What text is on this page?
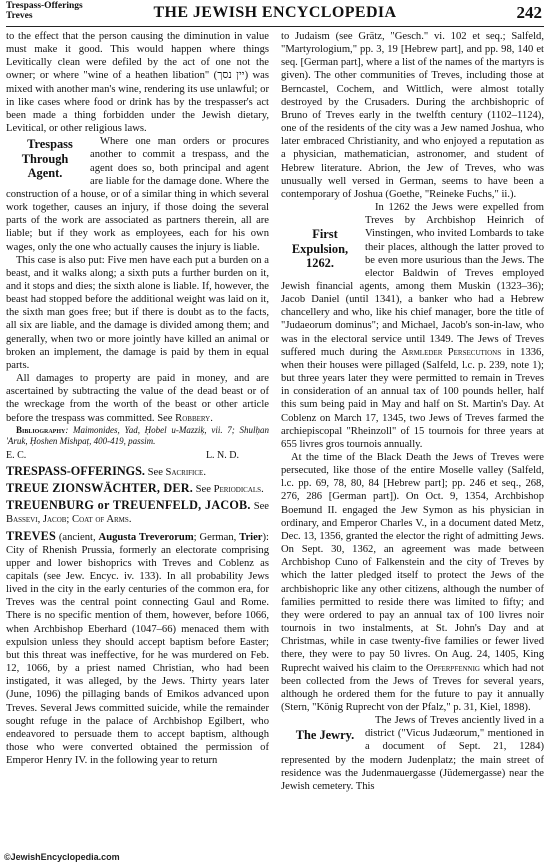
Trespass-Offerings
Treves	THE JEWISH ENCYCLOPEDIA	242

to the effect that the person causing the diminution in value must make it good. This would happen where things Levitically clean were defiled by the act of one not the owner; or where "wine of a heathen libation" (יין נסך) was mixed with another man's wine, rendering its use unlawful; or in like cases where food or drink has by the trespasser's act been made a thing forbidden under the Jewish dietary, Levitical, or other religious laws.

Trespass Through Agent.
Where one man orders or procures another to commit a trespass, and the agent does so, both principal and agent are liable for the damage done. Where the construction of a house, or of a similar thing in which several work together, causes an injury, if those doing the several parts of the work are associated as partners therein, all are liable; but if they work as employees, each for his own wages, only the one who actually causes the injury is liable.

This case is also put: Five men have each put a burden on a beast, and it walks along; a sixth puts a further burden on it, and it stops and dies; the sixth alone is liable. If, however, the beast had stopped before the additional weight was laid on it, the sixth man goes free; but if there is doubt as to the facts, all six are liable, and the damage is divided among them; and generally, when two or more jointly have killed an animal or broken an implement, the damage is paid by them in equal parts.

All damages to property are paid in money, and are ascertained by subtracting the value of the dead beast or of the wreckage from the worth of the beast or other article before the trespass was committed. See Robbery.

Bibliography: Maimonides, Yad, Ḥobel u-Mazziḳ, vii. 7; Shulḥan 'Aruk, Ḥoshen Mishpaṭ, 400-419, passim.

E. C.	L. N. D.

TRESPASS-OFFERINGS. See Sacrifice.

TREUE ZIONSWÄCHTER, DER. See Periodicals.

TREUENBURG or TREUENFELD, JACOB. See Bassevi, Jacob; Coat of Arms.

TREVES (ancient, Augusta Treverorum; German, Trier): City of Rhenish Prussia, formerly an electorate comprising upper and lower bishoprics with Treves and Coblenz as capitals (see Jew. Encyc. iv. 133). In all probability Jews lived in the city in the early centuries of the common era, for Treves was the central point connecting Gaul and Rome. There is no specific mention of them, however, before 1066, when Archbishop Eberhard (1047–66) menaced them with expulsion unless they should accept baptism before Easter; but this threat was ineffective, for he was murdered on Feb. 12, 1066, by a priest named Christian, who had been instigated, it was alleged, by the Jews. Thirty years later (June, 1096) the pillaging bands of Emikos advanced upon Treves. Several Jews committed suicide, while the remainder sought refuge in the palace of Archbishop Egilbert, who endeavored to persuade them to accept baptism, although those who were converted obtained the permission of Emperor Henry IV. in the following year to return

to Judaism (see Grätz, "Gesch." vi. 102 et seq.; Salfeld, "Martyrologium," pp. 3, 19 [Hebrew part], and pp. 98, 140 et seq. [German part], where a list of the names of the martyrs is given). The other communities of Treves, including those at Berncastel, Cochem, and Wittlich, were almost totally destroyed by the Crusaders. During the archbishopric of Bruno of Treves early in the twelfth century (1102–1124), one of the residents of the city was a Jew named Joshua, who later embraced Christianity, and who enjoyed a reputation as a physician, mathematician, astronomer, and student of Hebrew literature. Abrion, the Jew of Treves, who was unusually well versed in German, seems to have been a contemporary of Joshua (Goethe, "Reineke Fuchs," ii.).

First Expulsion, 1262.
In 1262 the Jews were expelled from Treves by Archbishop Heinrich of Vinstingen, who invited Lombards to take their places, although the latter proved to be even more usurious than the Jews. The elector Baldwin of Treves employed Jewish financial agents, among them Muskin (1323–36); Jacob Daniel (until 1341), a banker who had a Hebrew chancellery and who, like his chief manager, bore the title of "Judaeorum dominus"; and Michael, Jacob's son-in-law, who was in the electoral service until 1349. The Jews of Treves suffered much during the Armleder Persecutions in 1336, when their houses were pillaged (Salfeld, l.c. p. 239, note 1); but three years later they were permitted to remain in Treves in consideration of an annual tax of 100 pounds heller, half this sum being paid in May and half on St. Martin's Day. At Coblenz on March 17, 1345, two Jews of Treves farmed the archiepiscopal "Rheinzoll" of 15 tournois for three years at 655 livres gros tournois annually.

At the time of the Black Death the Jews of Treves were persecuted, like those of the entire Moselle valley (Salfeld, l.c. pp. 69, 78, 80, 84 [Hebrew part]; pp. 246 et seq., 268, 276, 286 [German part]). On Oct. 9, 1354, Archbishop Boemund II. engaged the Jew Symon as his physician in ordinary, and Emperor Charles V., in a document dated Metz, Dec. 13, 1356, granted the elector the right of admitting Jews. On Sept. 30, 1362, an agreement was made between Archbishop Cuno of Falkenstein and the city of Treves by which the latter pledged itself to protect the Jews of the archbishopric like any other citizens, although the number of families permitted to reside there was limited to fifty; and they were ordered to pay an annual tax of 100 livres noir tournois in two instalments, at St. John's Day and at Christmas, while in case twenty-five families or fewer lived there, they were to pay 50 livres. On Aug. 24, 1405, King Ruprecht waived his claim to the Opferpfennig which had not been collected from the Jews of Treves for several years, although he ordered them for the future to pay it annually (Stern, "König Ruprecht von der Pfalz," p. 31, Kiel, 1898).

The Jewry.
The Jews of Treves anciently lived in a district ("Vicus Judæorum," mentioned in a document of Sept. 21, 1284) represented by the modern Judenplatz; the main street of residence was the Judenmauergasse (Jüdemergasse) near the Jewish cemetery. This

©JewishEncyclopedia.com
